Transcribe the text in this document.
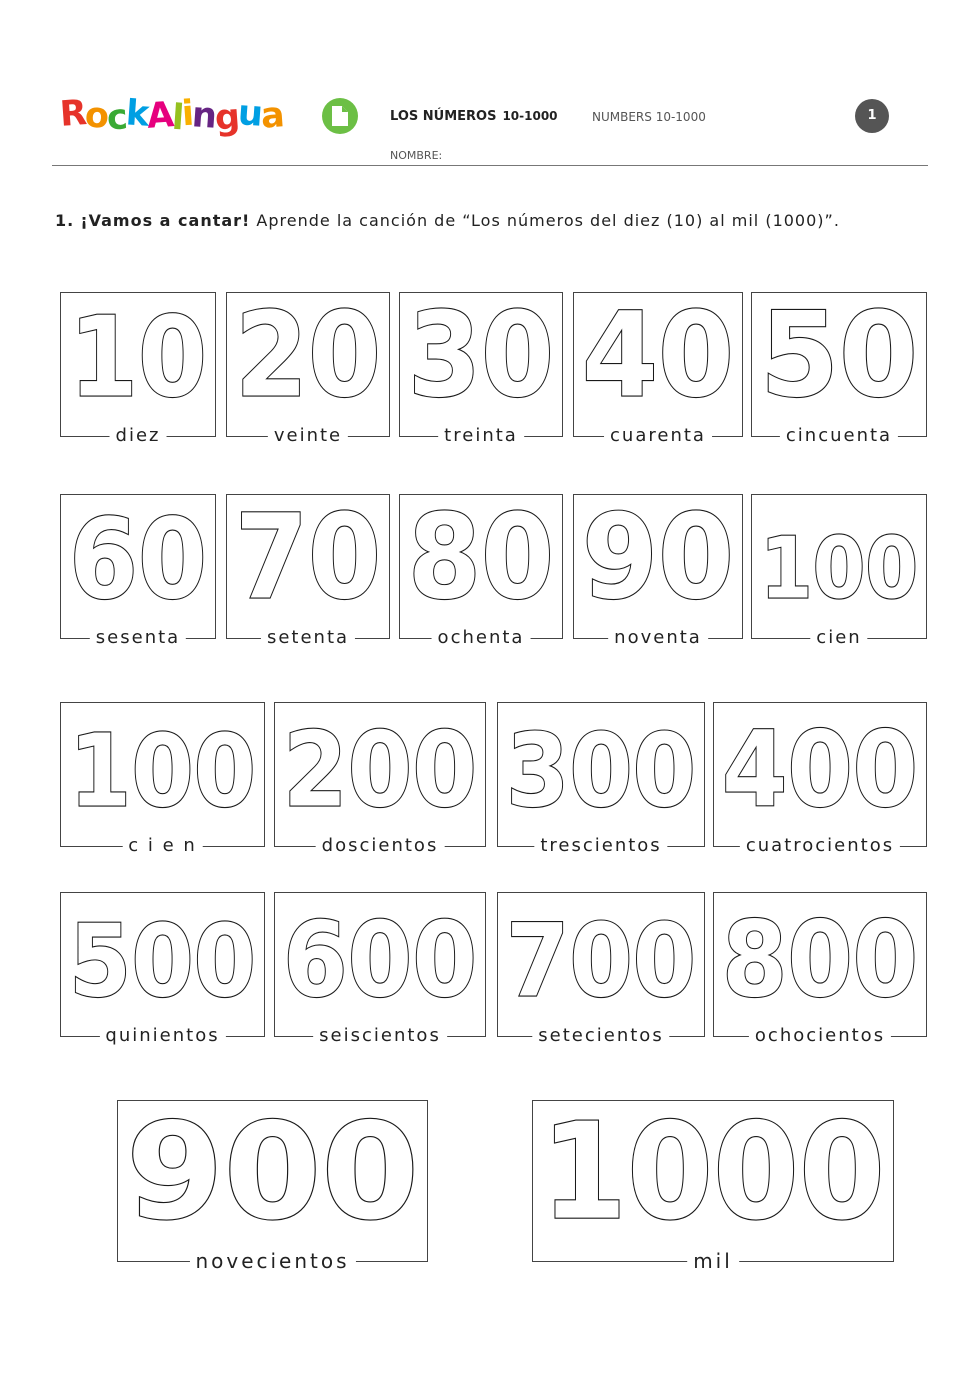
R
o
c
k
A
l
i
n
g
u
a	LOS NÚMEROS 10-1000	NUMBERS 10-1000	1
NOMBRE:
1. ¡Vamos a cantar! Aprende la canción de “Los números del diez (10) al mil (1000)”.
10
diez
20
veinte
30
treinta
40
cuarenta
50
cincuenta
60
sesenta
70
setenta
80
ochenta
90
noventa
100
cien
100
c i e n
200
doscientos
300
trescientos
400
cuatrocientos
500
quinientos
600
seiscientos
700
setecientos
800
ochocientos
900
novecientos
1000
mil
